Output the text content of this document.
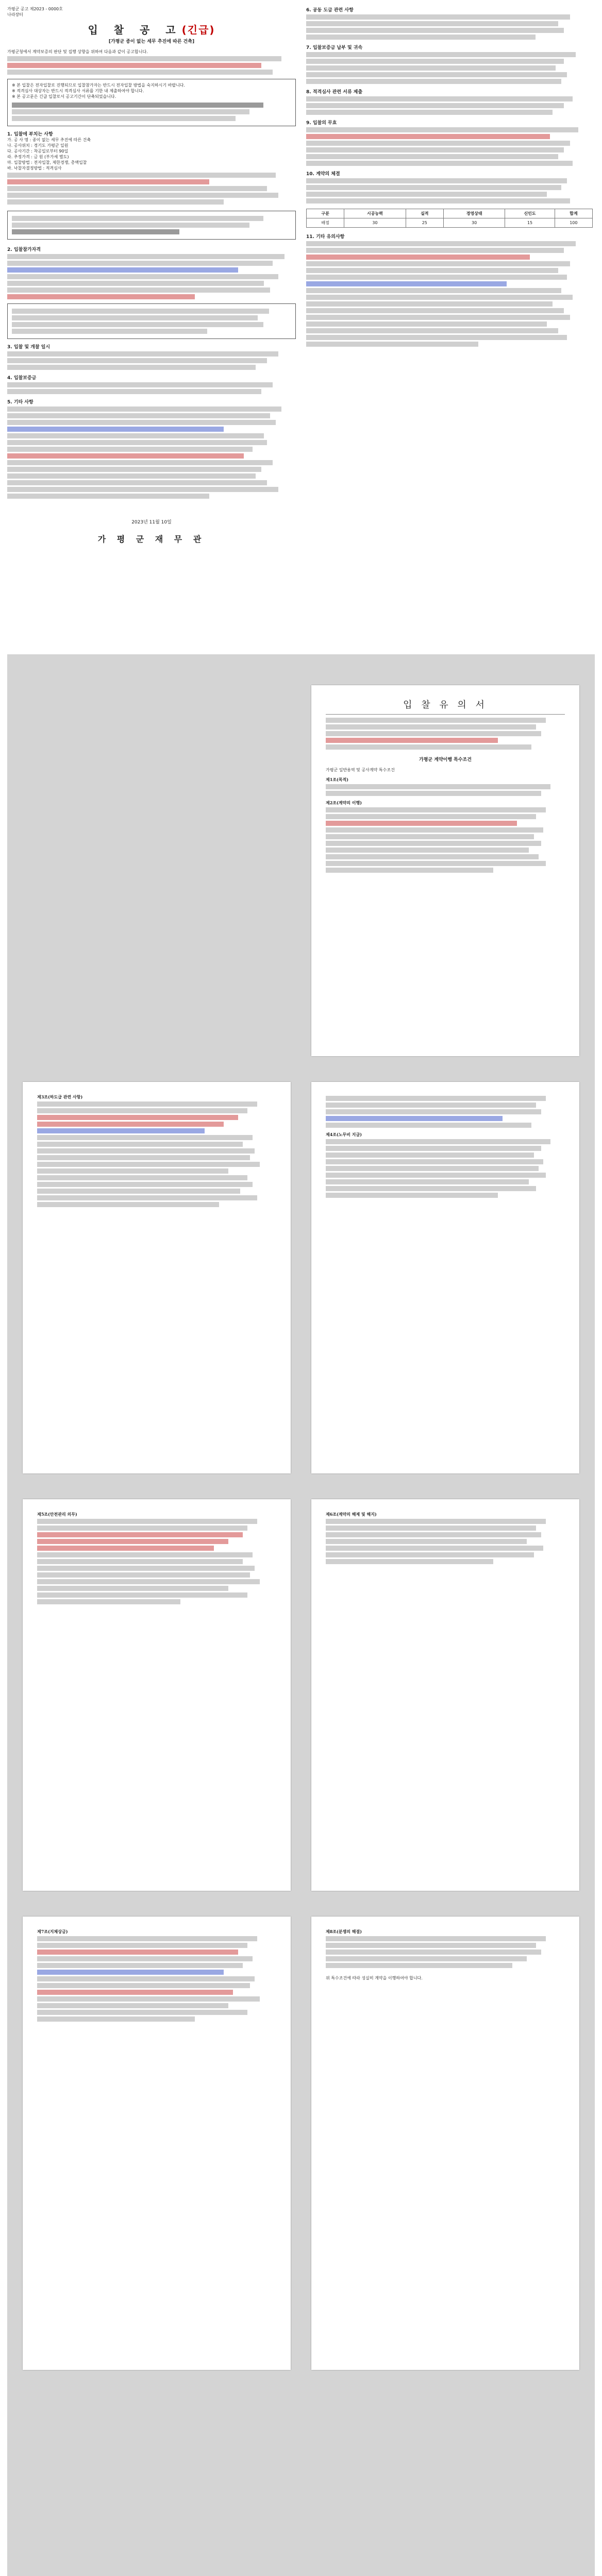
가평군 공고 제2023 - 0000호
나라장터
입 찰 공 고(긴급)
[가평군 종이 없는 세무 추진에 따른 건축]
가평군청에서 계약보증의 판단 및 집행 상향을 위하여 다음과 같이 공고합니다.
※ 본 입찰은 전자입찰로 진행되므로 입찰참가자는 반드시 전자입찰 방법을 숙지하시기 바랍니다.
※ 적격심사 대상자는 반드시 적격심사 서류를 기한 내 제출하여야 합니다.
※ 본 공고문은 긴급 입찰로서 공고기간이 단축되었습니다.
1. 입찰에 부치는 사항
가. 공 사 명 : 종이 없는 세무 추진에 따른 건축
나. 공사위치 : 경기도 가평군 일원
다. 공사기간 : 착공일로부터 90일
라. 추정가격 : 금 원 (부가세 별도)
마. 입찰방법 : 전자입찰, 제한경쟁, 총액입찰
바. 낙찰자결정방법 : 적격심사
2. 입찰참가자격
3. 입찰 및 개찰 일시
4. 입찰보증금
5. 기타 사항
2023년 11월 10일
가 평 군 재 무 관
6. 공동 도급 관련 사항
7. 입찰보증금 납부 및 귀속
8. 적격심사 관련 서류 제출
9. 입찰의 무효
10. 계약의 체결
구분	시공능력	실적	경영상태	신인도	합계
배점	30	25	30	15	100
11. 기타 유의사항
입 찰 유 의 서
가평군 계약이행 특수조건
가평군 일반용역 및 공사계약 특수조건
제1조(목적)
제2조(계약의 이행)
제3조(하도급 관련 사항)
제4조(노무비 지급)
제5조(안전관리 의무)	제6조(계약의 해제 및 해지)
제7조(지체상금)	제8조(분쟁의 해결)
위 특수조건에 따라 성실히 계약을 이행하여야 합니다.
